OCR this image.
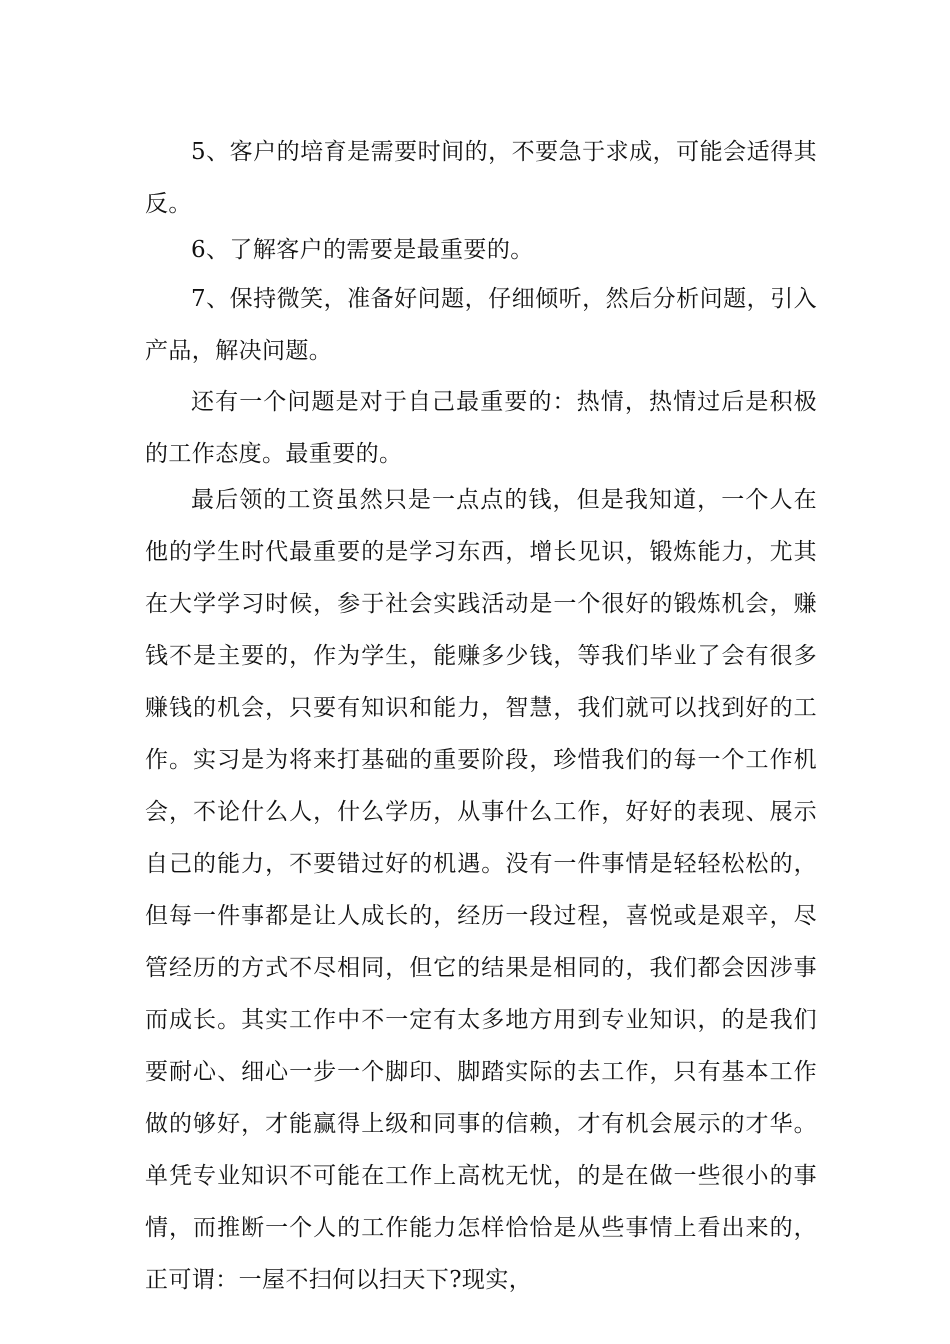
5、客户的培育是需要时间的，不要急于求成，可能会适得其反。

6、了解客户的需要是最重要的。

7、保持微笑，准备好问题，仔细倾听，然后分析问题，引入产品，解决问题。

还有一个问题是对于自己最重要的：热情，热情过后是积极的工作态度。最重要的。

最后领的工资虽然只是一点点的钱，但是我知道，一个人在他的学生时代最重要的是学习东西，增长见识，锻炼能力，尤其在大学学习时候，参于社会实践活动是一个很好的锻炼机会，赚钱不是主要的，作为学生，能赚多少钱，等我们毕业了会有很多赚钱的机会，只要有知识和能力，智慧，我们就可以找到好的工作。实习是为将来打基础的重要阶段，珍惜我们的每一个工作机会，不论什么人，什么学历，从事什么工作，好好的表现、展示自己的能力，不要错过好的机遇。没有一件事情是轻轻松松的，但每一件事都是让人成长的，经历一段过程，喜悦或是艰辛，尽管经历的方式不尽相同，但它的结果是相同的，我们都会因涉事而成长。其实工作中不一定有太多地方用到专业知识，的是我们要耐心、细心一步一个脚印、脚踏实际的去工作，只有基本工作做的够好，才能赢得上级和同事的信赖，才有机会展示的才华。单凭专业知识不可能在工作上高枕无忧，的是在做一些很小的事情，而推断一个人的工作能力怎样恰恰是从些事情上看出来的，正可谓：一屋不扫何以扫天下?现实，
